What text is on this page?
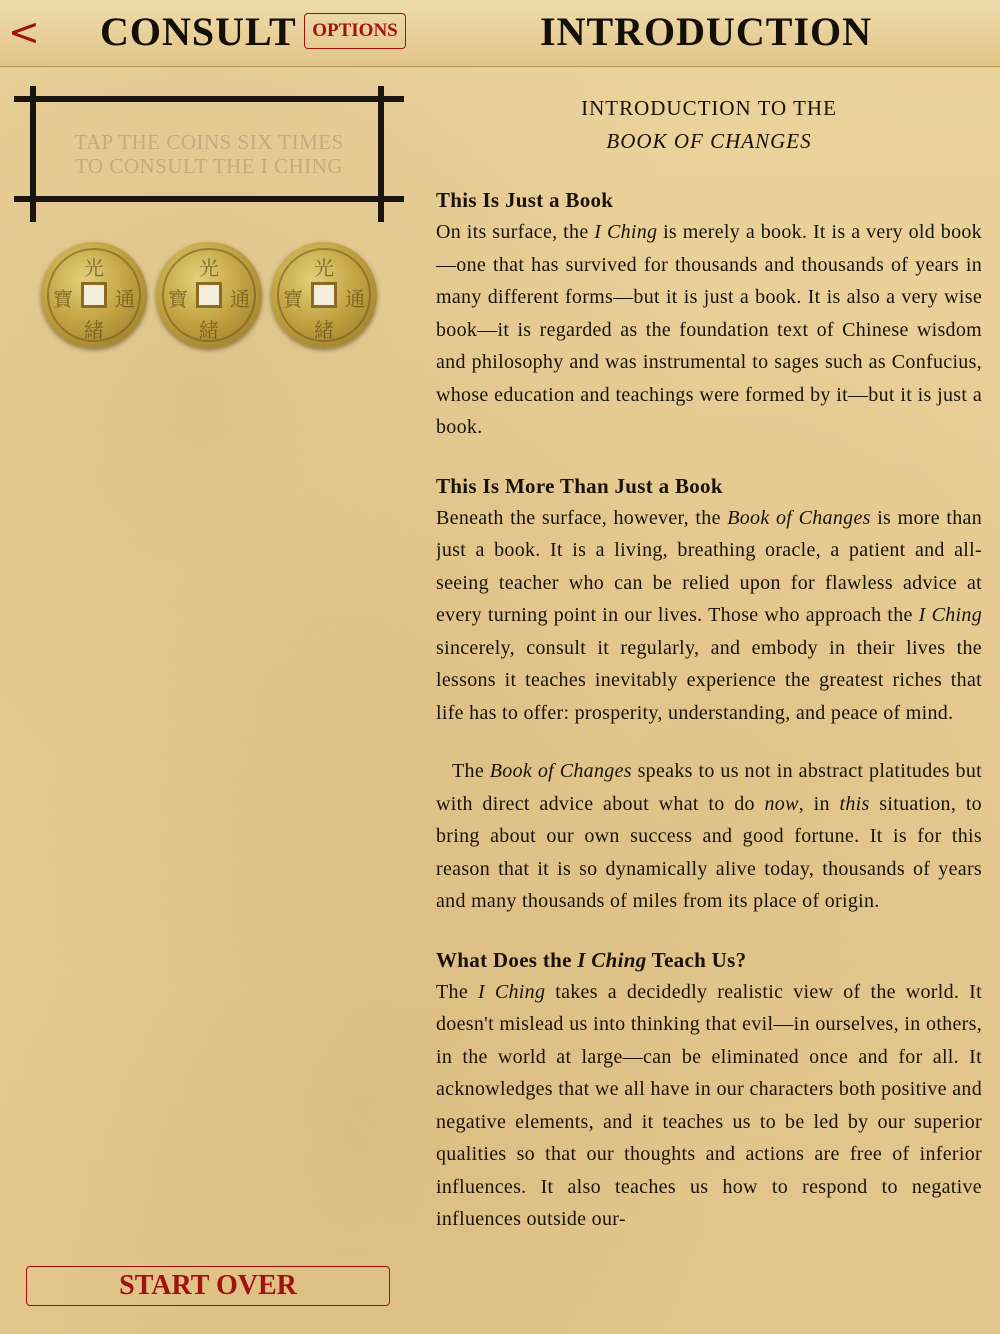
< CONSULT OPTIONS	INTRODUCTION
TAP THE COINS SIX TIMES
TO CONSULT THE I CHING
光
緒
寶 通
光
緒
寶 通
光
緒
寶 通
START OVER
INTRODUCTION TO THE
BOOK OF CHANGES

This Is Just a Book

On its surface, the I Ching is merely a book. It is a very old book—one that has survived for thousands and thousands of years in many different forms—but it is just a book. It is also a very wise book—it is regarded as the foundation text of Chinese wisdom and philosophy and was instrumental to sages such as Confucius, whose education and teachings were formed by it—but it is just a book.

This Is More Than Just a Book

Beneath the surface, however, the Book of Changes is more than just a book. It is a living, breathing oracle, a patient and all-seeing teacher who can be relied upon for flawless advice at every turning point in our lives. Those who approach the I Ching sincerely, consult it regularly, and embody in their lives the lessons it teaches inevitably experience the greatest riches that life has to offer: prosperity, understanding, and peace of mind.

The Book of Changes speaks to us not in abstract platitudes but with direct advice about what to do now, in this situation, to bring about our own success and good fortune. It is for this reason that it is so dynamically alive today, thousands of years and many thousands of miles from its place of origin.

What Does the I Ching Teach Us?

The I Ching takes a decidedly realistic view of the world. It doesn't mislead us into thinking that evil—in ourselves, in others, in the world at large—can be eliminated once and for all. It acknowledges that we all have in our characters both positive and negative elements, and it teaches us to be led by our superior qualities so that our thoughts and actions are free of inferior influences. It also teaches us how to respond to negative influences outside our-
